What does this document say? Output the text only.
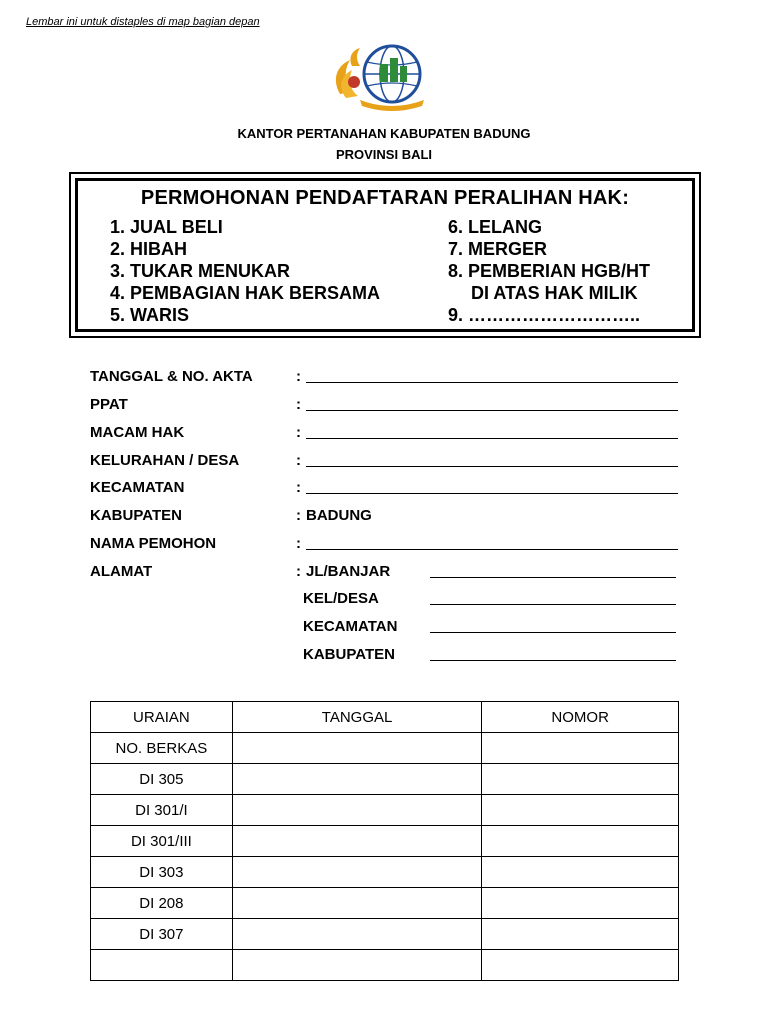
Lembar ini untuk distaples di map bagian depan
KANTOR PERTANAHAN KABUPATEN BADUNG
PROVINSI BALI
PERMOHONAN PENDAFTARAN PERALIHAN HAK:
1. JUAL BELI
2. HIBAH
3. TUKAR MENUKAR
4. PEMBAGIAN HAK BERSAMA
5. WARIS
6. LELANG
7. MERGER
8. PEMBERIAN HGB/HT
DI ATAS HAK MILIK
9. ………………………..
TANGGAL & NO. AKTA	:
PPAT	:
MACAM HAK	:
KELURAHAN / DESA	:
KECAMATAN	:
KABUPATEN	: BADUNG
NAMA PEMOHON	:
ALAMAT	: JL/BANJAR
KEL/DESA
KECAMATAN
KABUPATEN
URAIAN	TANGGAL	NOMOR
NO. BERKAS		
DI 305		
DI 301/I		
DI 301/III		
DI 303		
DI 208		
DI 307		
